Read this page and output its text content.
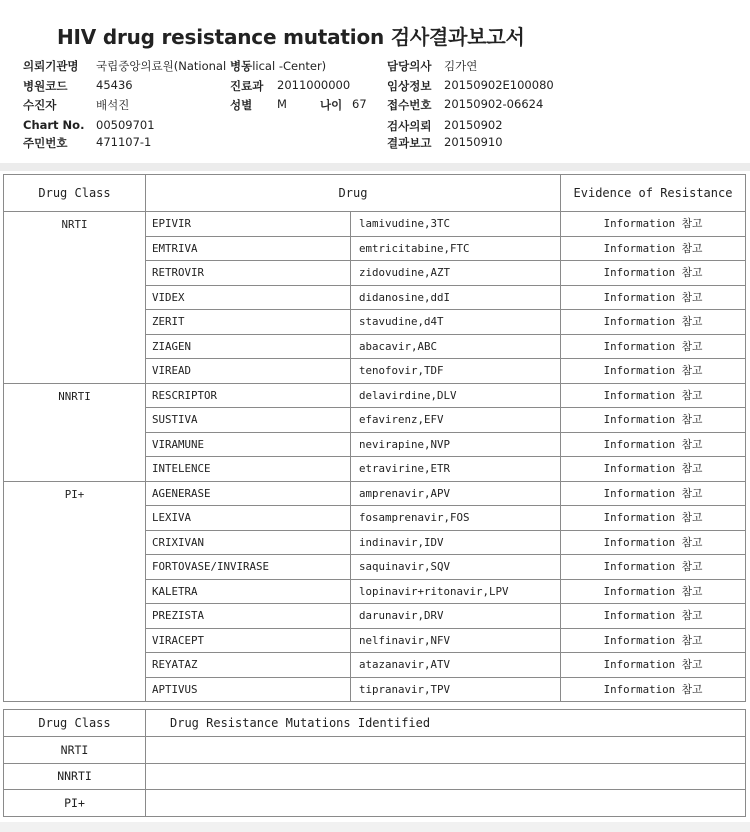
HIV drug resistance mutation 검사결과보고서
의뢰기관명 국립중앙의료원(National 병동lical -Center)	담당의사 김가연
병원코드 45436	진료과 2011000000	임상정보 20150902E100080
수진자	배석진	성별 M	나이 67 접수번호 20150902-06624
Chart No. 00509701	검사의뢰 20150902
주민번호 471107-1	결과보고 20150910
Drug Class	Drug		Evidence of Resistance
NRTI	EPIVIR	lamivudine,3TC	Information 참고
	EMTRIVA	emtricitabine,FTC	Information 참고
	RETROVIR	zidovudine,AZT	Information 참고
	VIDEX	didanosine,ddI	Information 참고
	ZERIT	stavudine,d4T	Information 참고
	ZIAGEN	abacavir,ABC	Information 참고
	VIREAD	tenofovir,TDF	Information 참고
NNRTI	RESCRIPTOR	delavirdine,DLV	Information 참고
	SUSTIVA	efavirenz,EFV	Information 참고
	VIRAMUNE	nevirapine,NVP	Information 참고
	INTELENCE	etravirine,ETR	Information 참고
PI+	AGENERASE	amprenavir,APV	Information 참고
	LEXIVA	fosamprenavir,FOS	Information 참고
	CRIXIVAN	indinavir,IDV	Information 참고
	FORTOVASE/INVIRASE	saquinavir,SQV	Information 참고
	KALETRA	lopinavir+ritonavir,LPV	Information 참고
	PREZISTA	darunavir,DRV	Information 참고
	VIRACEPT	nelfinavir,NFV	Information 참고
	REYATAZ	atazanavir,ATV	Information 참고
	APTIVUS	tipranavir,TPV	Information 참고
Drug Class	Drug Resistance Mutations Identified
NRTI	
NNRTI	
PI+	
